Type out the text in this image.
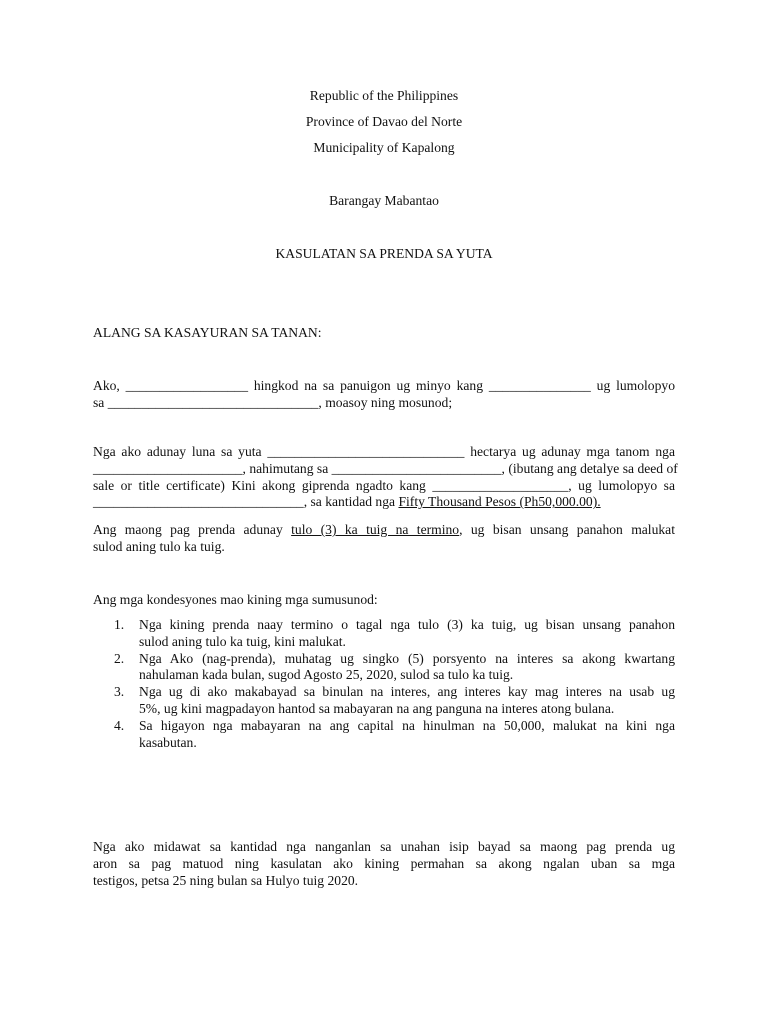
Republic of the Philippines
Province of Davao del Norte
Municipality of Kapalong
Barangay Mabantao
KASULATAN SA PRENDA SA YUTA
ALANG SA KASAYURAN SA TANAN:
Ako, __________________ hingkod na sa panuigon ug minyo kang _______________ ug lumolopyo
sa _______________________________, moasoy ning mosunod;
Nga ako adunay luna sa yuta _____________________________ hectarya ug adunay mga tanom nga
______________________, nahimutang sa _________________________, (ibutang ang detalye sa deed of
sale or title certificate) Kini akong giprenda ngadto kang ____________________, ug lumolopyo sa
_______________________________, sa kantidad nga Fifty Thousand Pesos (Ph50,000.00).
Ang maong pag prenda adunay tulo (3) ka tuig na termino, ug bisan unsang panahon malukat
sulod aning tulo ka tuig.
Ang mga kondesyones mao kining mga sumusunod:
1. Nga kining prenda naay termino o tagal nga tulo (3) ka tuig, ug bisan unsang panahon
sulod aning tulo ka tuig, kini malukat.
2. Nga Ako (nag-prenda), muhatag ug singko (5) porsyento na interes sa akong kwartang
nahulaman kada bulan, sugod Agosto 25, 2020, sulod sa tulo ka tuig.
3. Nga ug di ako makabayad sa binulan na interes, ang interes kay mag interes na usab ug
5%, ug kini magpadayon hantod sa mabayaran na ang panguna na interes atong bulana.
4. Sa higayon nga mabayaran na ang capital na hinulman na 50,000, malukat na kini nga
kasabutan.
Nga ako midawat sa kantidad nga nanganlan sa unahan isip bayad sa maong pag prenda ug
aron sa pag matuod ning kasulatan ako kining permahan sa akong ngalan uban sa mga
testigos, petsa 25 ning bulan sa Hulyo tuig 2020.
